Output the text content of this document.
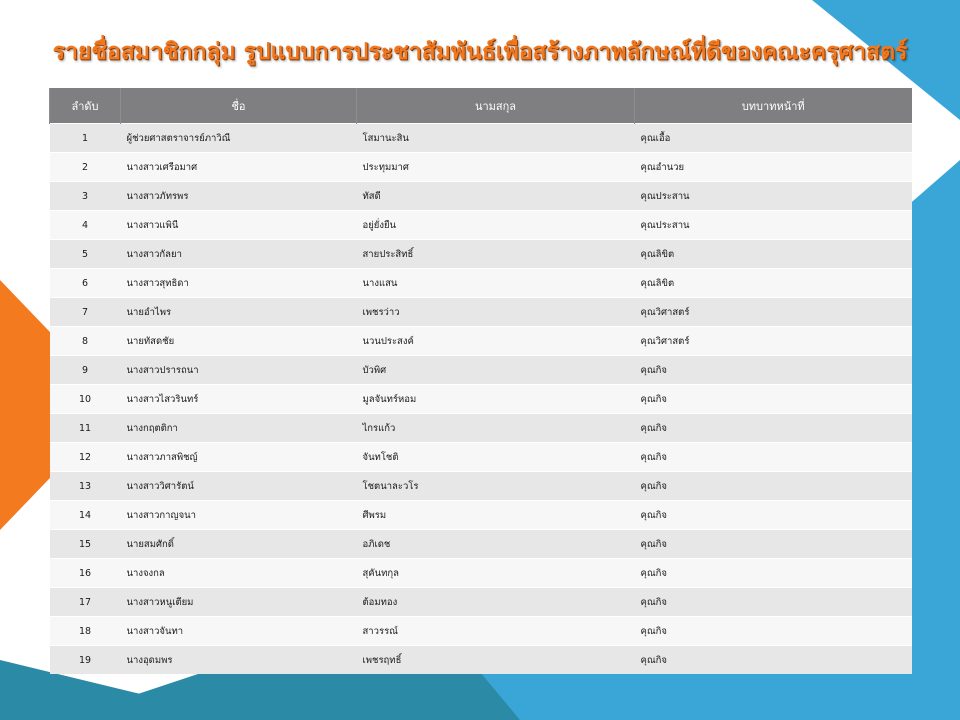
รายชื่อสมาชิกกลุ่ม รูปแบบการประชาสัมพันธ์เพื่อสร้างภาพลักษณ์ที่ดีของคณะครุศาสตร์
ลำดับ	ชื่อ	นามสกุล	บทบาทหน้าที่
1	ผู้ช่วยศาสตราจารย์ภาวิณี	โสมานะสิน	คุณเอื้อ
2	นางสาวเศรีอมาศ	ประทุมมาศ	คุณอำนวย
3	นางสาวภัทรพร	ทัสดี	คุณประสาน
4	นางสาวแพินี	อยู่ยั่งยืน	คุณประสาน
5	นางสาวกัลยา	สายประสิทธิ์	คุณลิขิต
6	นางสาวสุทธิดา	นางแสน	คุณลิขิต
7	นายอำไพร	เพชรว่าว	คุณวิศาสตร์
8	นายทัสดชัย	นวนประสงค์	คุณวิศาสตร์
9	นางสาวปรารถนา	บัวพิศ	คุณกิจ
10	นางสาวไสวรินทร์	มูลจันทร์หอม	คุณกิจ
11	นางกฤตติกา	ไกรแก้ว	คุณกิจ
12	นางสาวภาสพิชญ์	จันทโชติ	คุณกิจ
13	นางสาววิศารัตน์	โชตนาละวโร	คุณกิจ
14	นางสาวกาญจนา	ศีพรม	คุณกิจ
15	นายสมศักดิ์	อภิเดช	คุณกิจ
16	นางจงกล	สุคันทกุล	คุณกิจ
17	นางสาวหนูเตียม	ต้อมทอง	คุณกิจ
18	นางสาวจันทา	สาวรรณ์	คุณกิจ
19	นางอุดมพร	เพชรฤทธิ์	คุณกิจ
